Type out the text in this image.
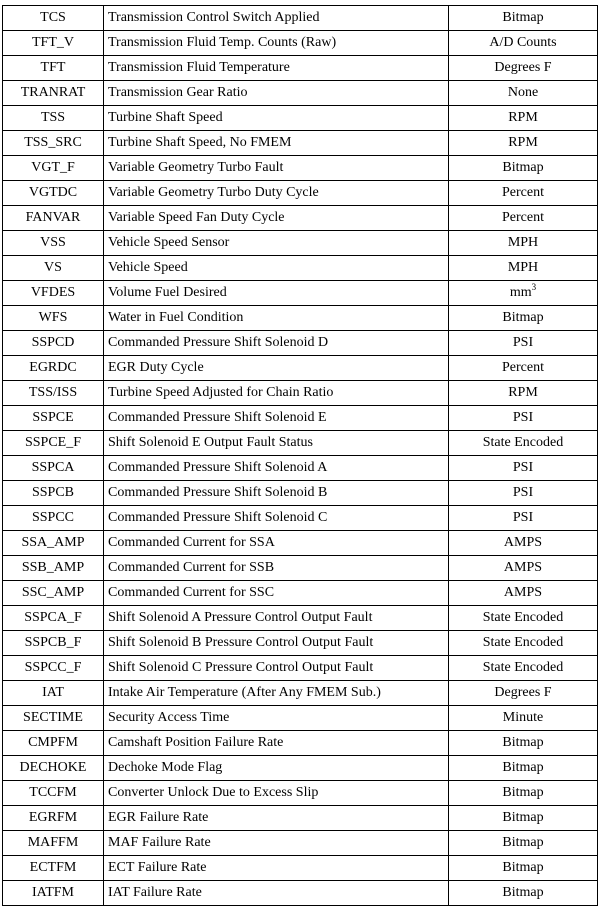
TCS	Transmission Control Switch Applied	Bitmap
TFT_V	Transmission Fluid Temp. Counts (Raw)	A/D Counts
TFT	Transmission Fluid Temperature	Degrees F
TRANRAT	Transmission Gear Ratio	None
TSS	Turbine Shaft Speed	RPM
TSS_SRC	Turbine Shaft Speed, No FMEM	RPM
VGT_F	Variable Geometry Turbo Fault	Bitmap
VGTDC	Variable Geometry Turbo Duty Cycle	Percent
FANVAR	Variable Speed Fan Duty Cycle	Percent
VSS	Vehicle Speed Sensor	MPH
VS	Vehicle Speed	MPH
VFDES	Volume Fuel Desired	$mm^3$
WFS	Water in Fuel Condition	Bitmap
SSPCD	Commanded Pressure Shift Solenoid D	PSI
EGRDC	EGR Duty Cycle	Percent
TSS/ISS	Turbine Speed Adjusted for Chain Ratio	RPM
SSPCE	Commanded Pressure Shift Solenoid E	PSI
SSPCE_F	Shift Solenoid E Output Fault Status	State Encoded
SSPCA	Commanded Pressure Shift Solenoid A	PSI
SSPCB	Commanded Pressure Shift Solenoid B	PSI
SSPCC	Commanded Pressure Shift Solenoid C	PSI
SSA_AMP	Commanded Current for SSA	AMPS
SSB_AMP	Commanded Current for SSB	AMPS
SSC_AMP	Commanded Current for SSC	AMPS
SSPCA_F	Shift Solenoid A Pressure Control Output Fault	State Encoded
SSPCB_F	Shift Solenoid B Pressure Control Output Fault	State Encoded
SSPCC_F	Shift Solenoid C Pressure Control Output Fault	State Encoded
IAT	Intake Air Temperature (After Any FMEM Sub.)	Degrees F
SECTIME	Security Access Time	Minute
CMPFM	Camshaft Position Failure Rate	Bitmap
DECHOKE	Dechoke Mode Flag	Bitmap
TCCFM	Converter Unlock Due to Excess Slip	Bitmap
EGRFM	EGR Failure Rate	Bitmap
MAFFM	MAF Failure Rate	Bitmap
ECTFM	ECT Failure Rate	Bitmap
IATFM	IAT Failure Rate	Bitmap
